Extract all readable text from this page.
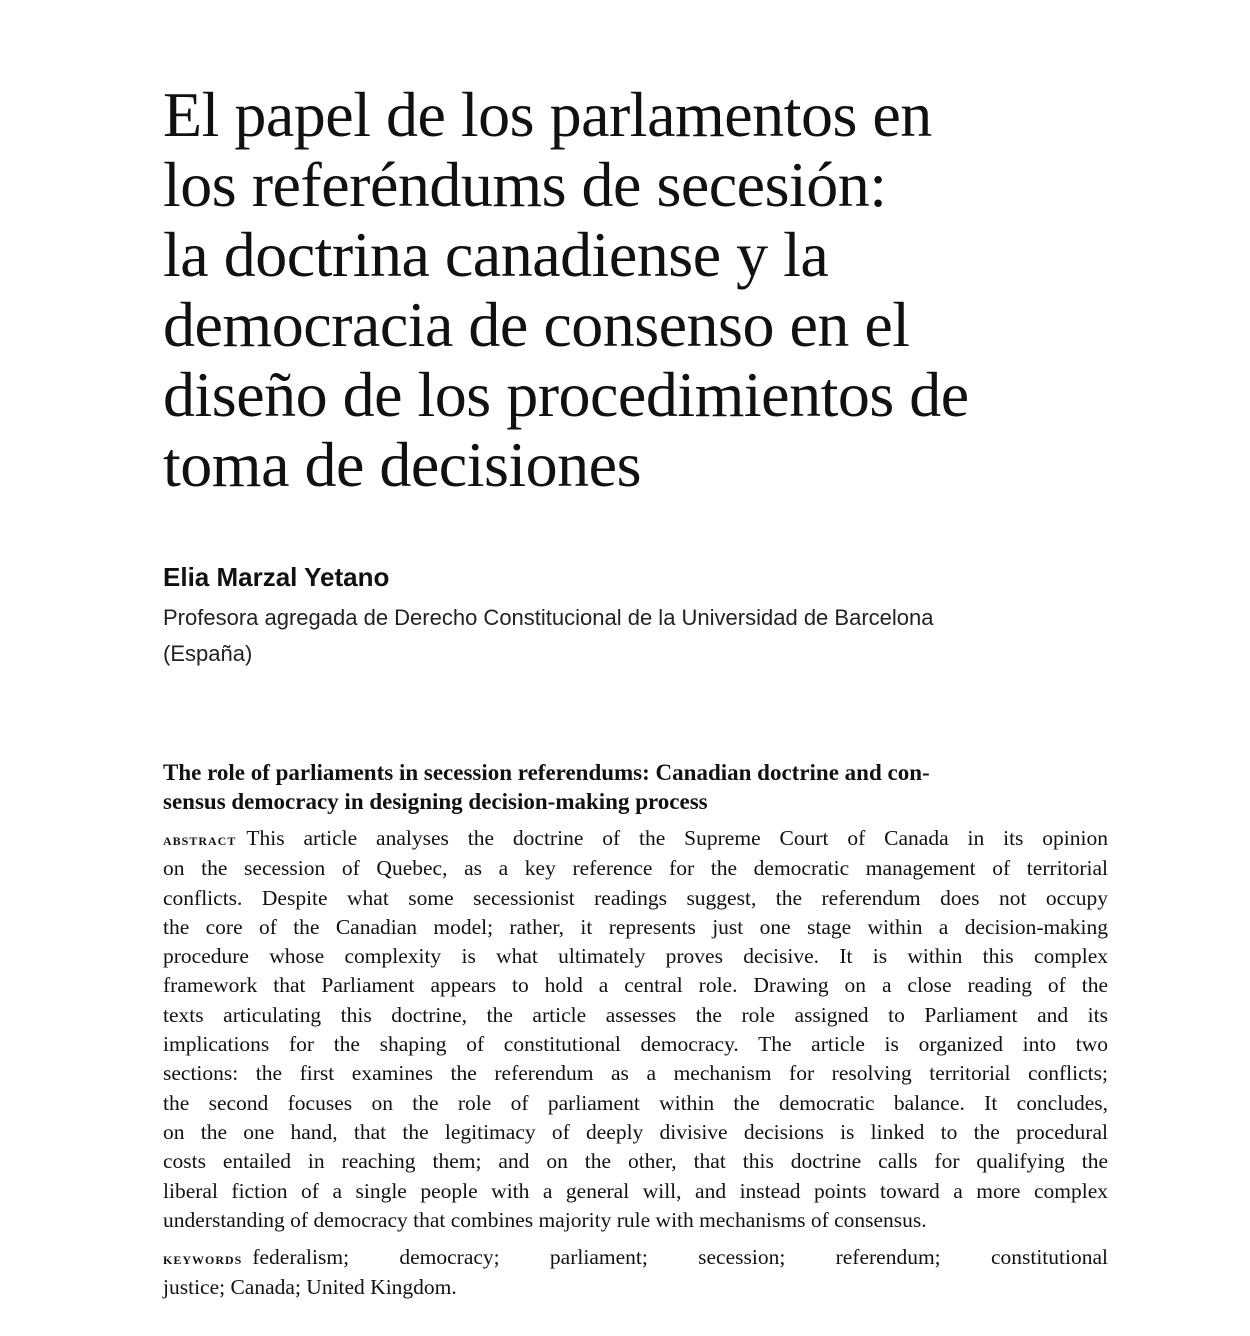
El papel de los parlamentos en
los referéndums de secesión:
la doctrina canadiense y la
democracia de consenso en el
diseño de los procedimientos de
toma de decisiones

Elia Marzal Yetano

Profesora agregada de Derecho Constitucional de la Universidad de Barcelona
(España)

The role of parliaments in secession referendums: Canadian doctrine and con-
sensus democracy in designing decision-making process
abstract This article analyses the doctrine of the Supreme Court of Canada in its opinion
on the secession of Quebec, as a key reference for the democratic management of territorial
conflicts. Despite what some secessionist readings suggest, the referendum does not occupy
the core of the Canadian model; rather, it represents just one stage within a decision-making
procedure whose complexity is what ultimately proves decisive. It is within this complex
framework that Parliament appears to hold a central role. Drawing on a close reading of the
texts articulating this doctrine, the article assesses the role assigned to Parliament and its
implications for the shaping of constitutional democracy. The article is organized into two
sections: the first examines the referendum as a mechanism for resolving territorial conflicts;
the second focuses on the role of parliament within the democratic balance. It concludes,
on the one hand, that the legitimacy of deeply divisive decisions is linked to the procedural
costs entailed in reaching them; and on the other, that this doctrine calls for qualifying the
liberal fiction of a single people with a general will, and instead points toward a more complex
understanding of democracy that combines majority rule with mechanisms of consensus.
keywords federalism; democracy; parliament; secession; referendum; constitutional
justice; Canada; United Kingdom.
